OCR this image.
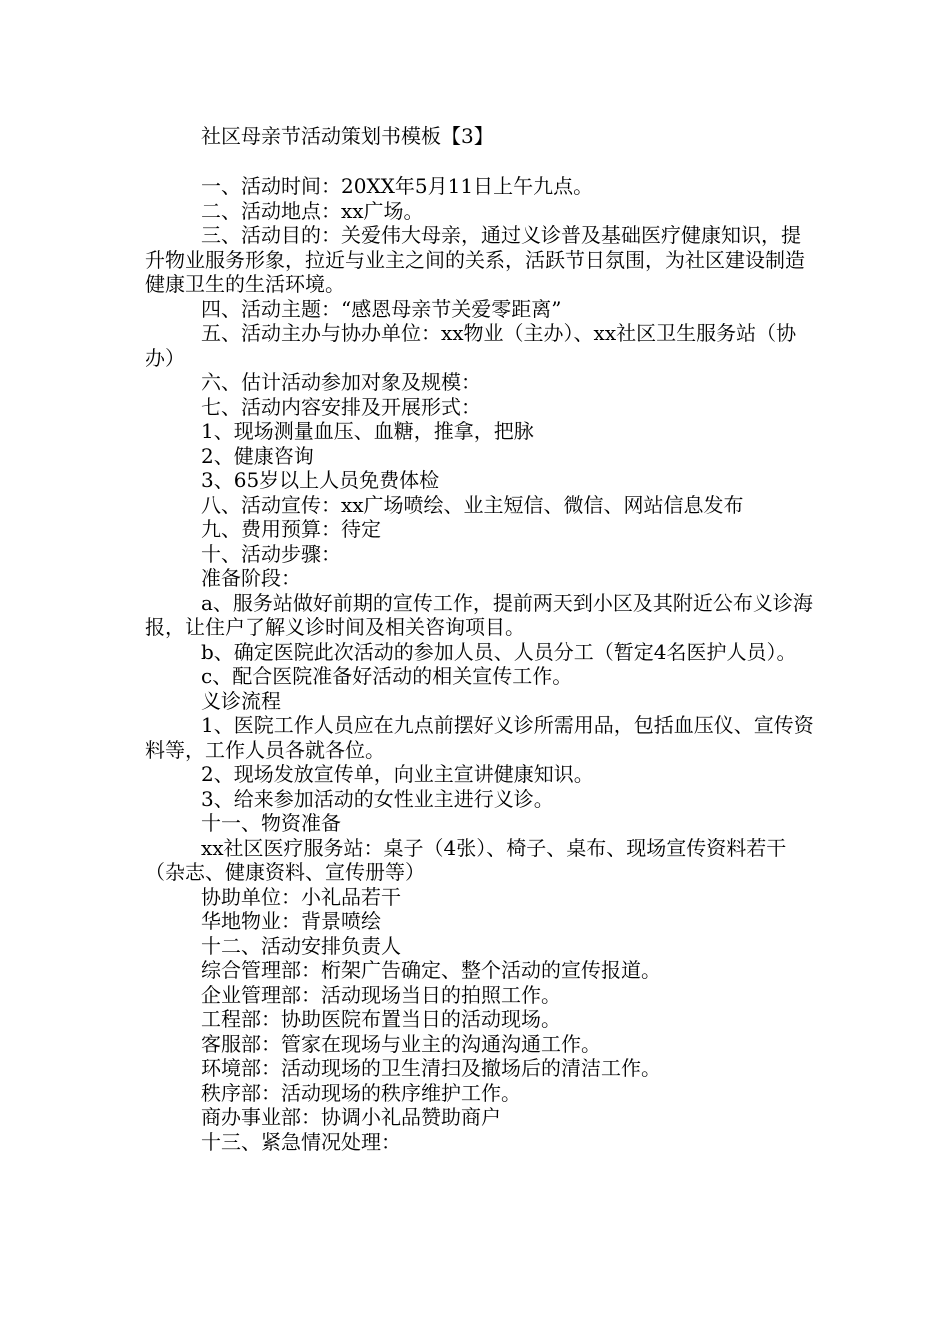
社区母亲节活动策划书模板【3】

一、活动时间：20XX年5月11日上午九点。

二、活动地点：xx广场。

三、活动目的：关爱伟大母亲，通过义诊普及基础医疗健康知识，提升物业服务形象，拉近与业主之间的关系，活跃节日氛围，为社区建设制造健康卫生的生活环境。

四、活动主题：“感恩母亲节关爱零距离”

五、活动主办与协办单位：xx物业（主办）、xx社区卫生服务站（协办）

六、估计活动参加对象及规模：

七、活动内容安排及开展形式：

1、现场测量血压、血糖，推拿，把脉

2、健康咨询

3、65岁以上人员免费体检

八、活动宣传：xx广场喷绘、业主短信、微信、网站信息发布

九、费用预算：待定

十、活动步骤：

准备阶段：

a、服务站做好前期的宣传工作，提前两天到小区及其附近公布义诊海报，让住户了解义诊时间及相关咨询项目。

b、确定医院此次活动的参加人员、人员分工（暂定4名医护人员）。

c、配合医院准备好活动的相关宣传工作。

义诊流程

1、医院工作人员应在九点前摆好义诊所需用品，包括血压仪、宣传资料等，工作人员各就各位。

2、现场发放宣传单，向业主宣讲健康知识。

3、给来参加活动的女性业主进行义诊。

十一、物资准备

xx社区医疗服务站：桌子（4张）、椅子、桌布、现场宣传资料若干（杂志、健康资料、宣传册等）

协助单位：小礼品若干

华地物业：背景喷绘

十二、活动安排负责人

综合管理部：桁架广告确定、整个活动的宣传报道。

企业管理部：活动现场当日的拍照工作。

工程部：协助医院布置当日的活动现场。

客服部：管家在现场与业主的沟通沟通工作。

环境部：活动现场的卫生清扫及撤场后的清洁工作。

秩序部：活动现场的秩序维护工作。

商办事业部：协调小礼品赞助商户

十三、紧急情况处理：
